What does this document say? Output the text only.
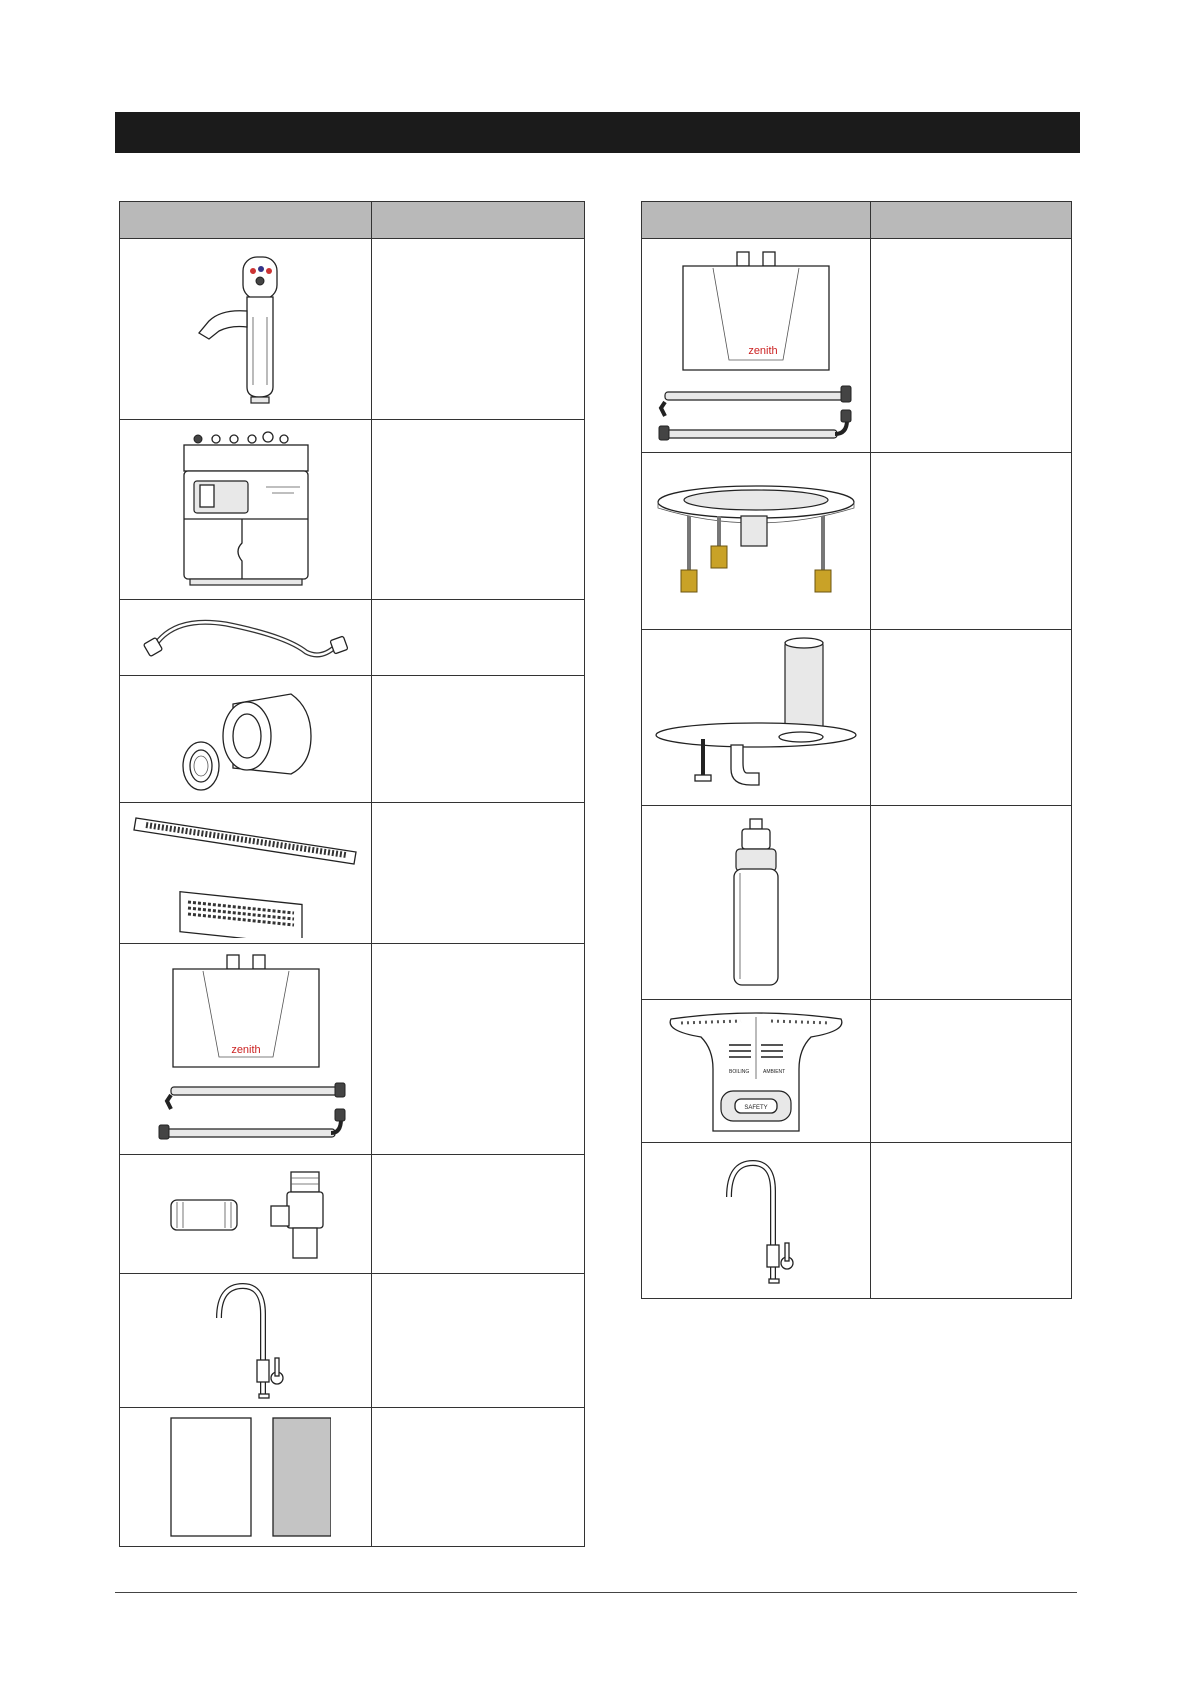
zenith	

zenith	

BOILING AMBIENT
SAFETY	
